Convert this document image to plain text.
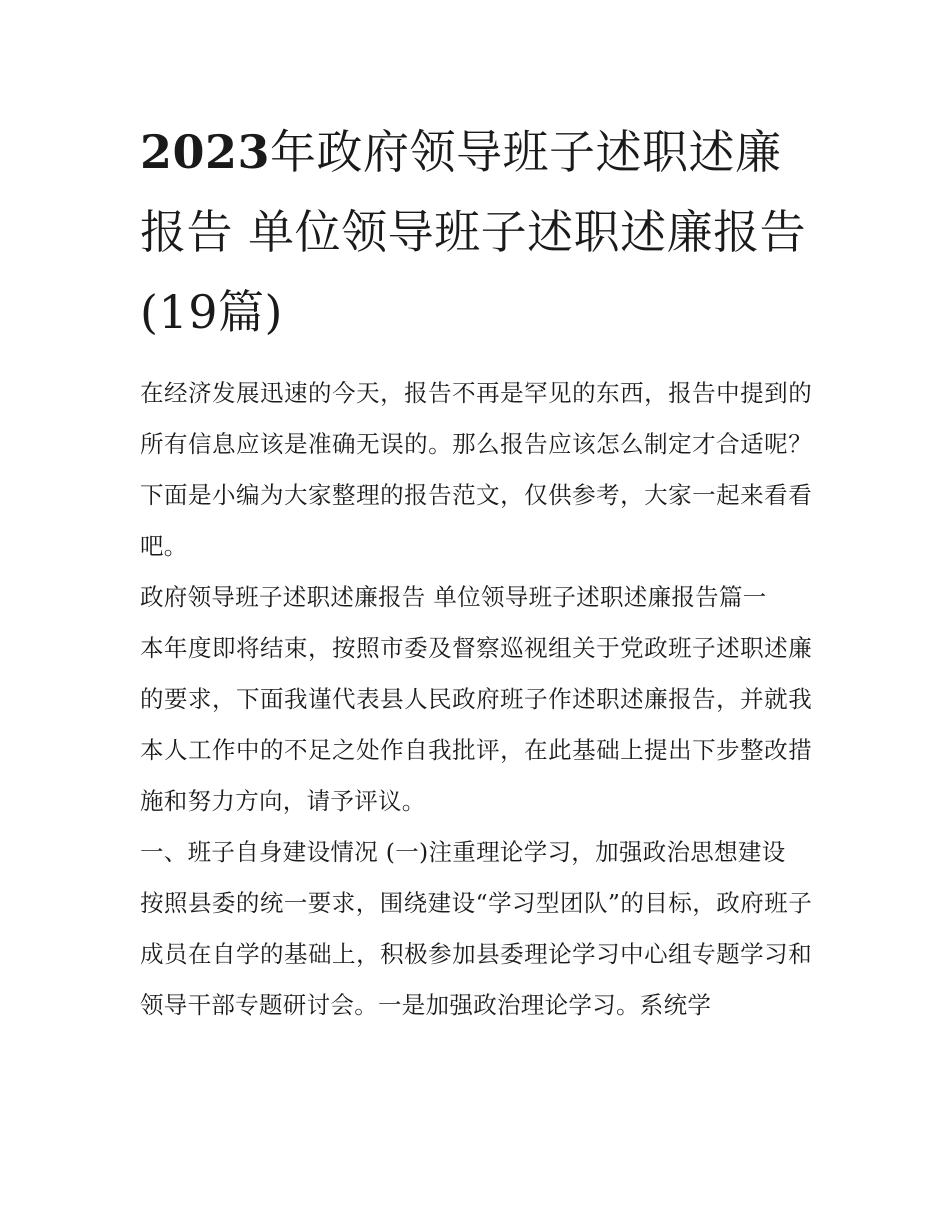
2023年政府领导班子述职述廉报告 单位领导班子述职述廉报告(19篇)

在经济发展迅速的今天，报告不再是罕见的东西，报告中提到的所有信息应该是准确无误的。那么报告应该怎么制定才合适呢？下面是小编为大家整理的报告范文，仅供参考，大家一起来看看吧。

政府领导班子述职述廉报告 单位领导班子述职述廉报告篇一

本年度即将结束，按照市委及督察巡视组关于党政班子述职述廉的要求，下面我谨代表县人民政府班子作述职述廉报告，并就我本人工作中的不足之处作自我批评，在此基础上提出下步整改措施和努力方向，请予评议。

一、班子自身建设情况 (一)注重理论学习，加强政治思想建设

按照县委的统一要求，围绕建设“学习型团队”的目标，政府班子成员在自学的基础上，积极参加县委理论学习中心组专题学习和领导干部专题研讨会。一是加强政治理论学习。系统学
